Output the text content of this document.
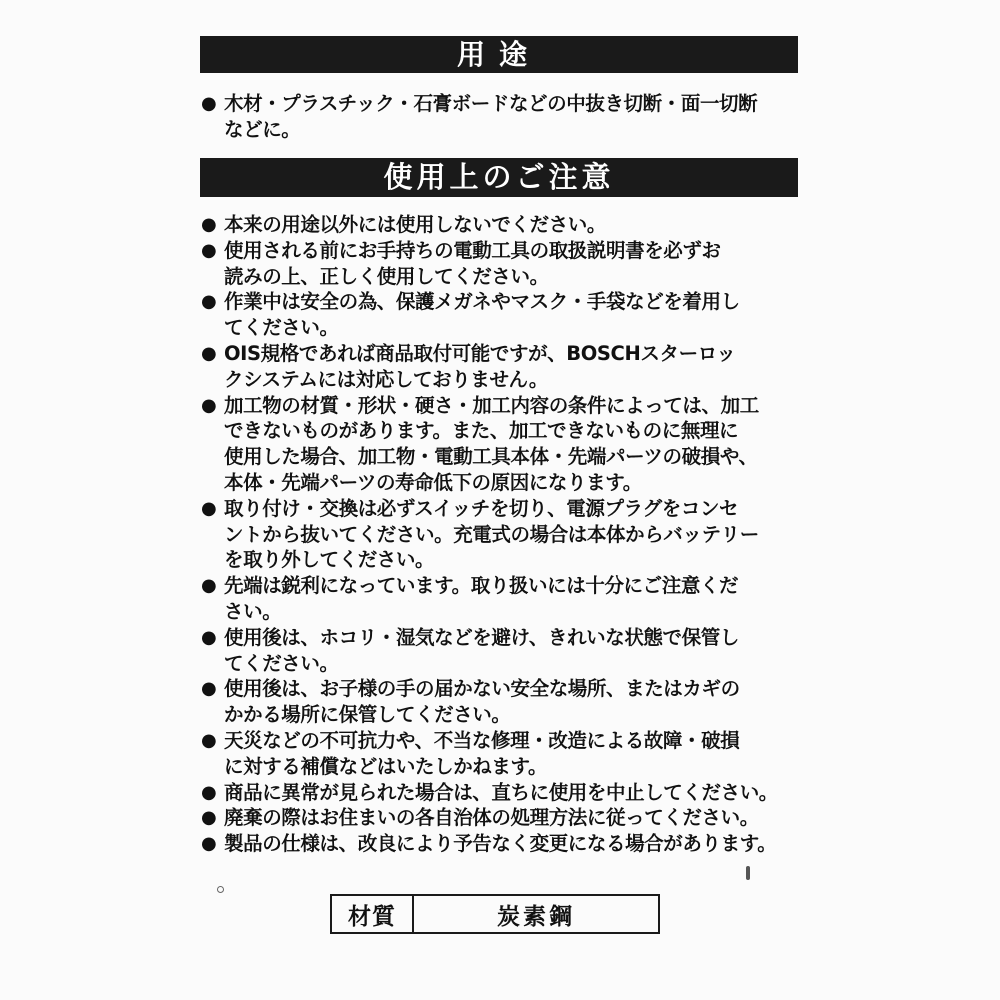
用途
● 木材・プラスチック・石膏ボードなどの中抜き切断・面一切断
などに。
使用上のご注意
● 本来の用途以外には使用しないでください。
● 使用される前にお手持ちの電動工具の取扱説明書を必ずお
読みの上、正しく使用してください。
● 作業中は安全の為、保護メガネやマスク・手袋などを着用し
てください。
● OIS規格であれば商品取付可能ですが、BOSCHスターロッ
クシステムには対応しておりません。
● 加工物の材質・形状・硬さ・加工内容の条件によっては、加工
できないものがあります。また、加工できないものに無理に
使用した場合、加工物・電動工具本体・先端パーツの破損や、
本体・先端パーツの寿命低下の原因になります。
● 取り付け・交換は必ずスイッチを切り、電源プラグをコンセ
ントから抜いてください。充電式の場合は本体からバッテリー
を取り外してください。
● 先端は鋭利になっています。取り扱いには十分にご注意くだ
さい。
● 使用後は、ホコリ・湿気などを避け、きれいな状態で保管し
てください。
● 使用後は、お子様の手の届かない安全な場所、またはカギの
かかる場所に保管してください。
● 天災などの不可抗力や、不当な修理・改造による故障・破損
に対する補償などはいたしかねます。
● 商品に異常が見られた場合は、直ちに使用を中止してください。
● 廃棄の際はお住まいの各自治体の処理方法に従ってください。
● 製品の仕様は、改良により予告なく変更になる場合があります。
材質	炭素鋼
